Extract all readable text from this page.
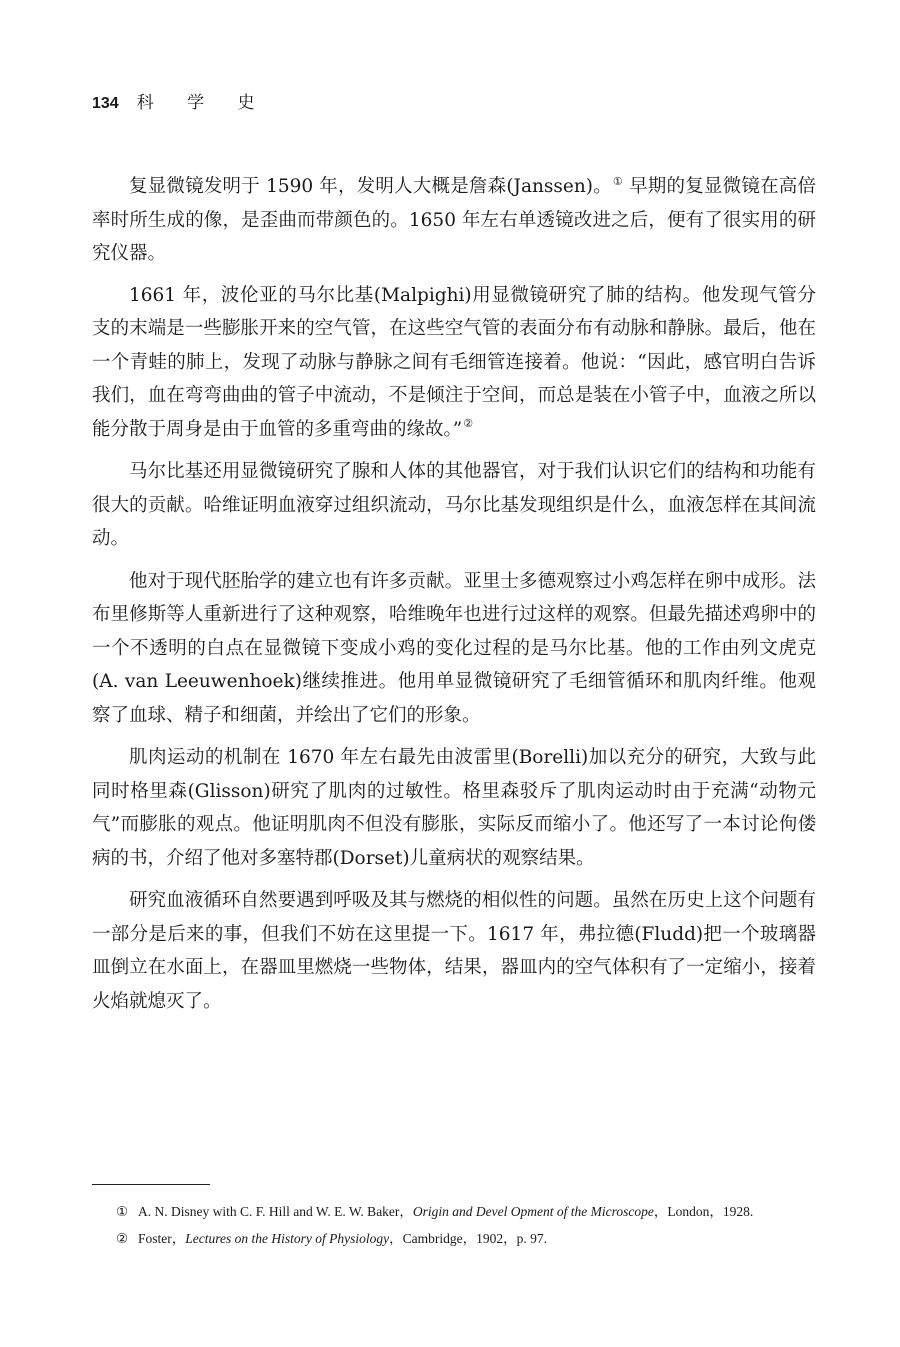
134 科 学 史

复显微镜发明于 1590 年，发明人大概是詹森(Janssen)。① 早期的复显微镜在高倍率时所生成的像，是歪曲而带颜色的。1650 年左右单透镜改进之后，便有了很实用的研究仪器。

1661 年，波伦亚的马尔比基(Malpighi)用显微镜研究了肺的结构。他发现气管分支的末端是一些膨胀开来的空气管，在这些空气管的表面分布有动脉和静脉。最后，他在一个青蛙的肺上，发现了动脉与静脉之间有毛细管连接着。他说：“因此，感官明白告诉我们，血在弯弯曲曲的管子中流动，不是倾注于空间，而总是装在小管子中，血液之所以能分散于周身是由于血管的多重弯曲的缘故。”②

马尔比基还用显微镜研究了腺和人体的其他器官，对于我们认识它们的结构和功能有很大的贡献。哈维证明血液穿过组织流动，马尔比基发现组织是什么，血液怎样在其间流动。

他对于现代胚胎学的建立也有许多贡献。亚里士多德观察过小鸡怎样在卵中成形。法布里修斯等人重新进行了这种观察，哈维晚年也进行过这样的观察。但最先描述鸡卵中的一个不透明的白点在显微镜下变成小鸡的变化过程的是马尔比基。他的工作由列文虎克(A. van Leeuwenhoek)继续推进。他用单显微镜研究了毛细管循环和肌肉纤维。他观察了血球、精子和细菌，并绘出了它们的形象。

肌肉运动的机制在 1670 年左右最先由波雷里(Borelli)加以充分的研究，大致与此同时格里森(Glisson)研究了肌肉的过敏性。格里森驳斥了肌肉运动时由于充满“动物元气”而膨胀的观点。他证明肌肉不但没有膨胀，实际反而缩小了。他还写了一本讨论佝偻病的书，介绍了他对多塞特郡(Dorset)儿童病状的观察结果。

研究血液循环自然要遇到呼吸及其与燃烧的相似性的问题。虽然在历史上这个问题有一部分是后来的事，但我们不妨在这里提一下。1617 年，弗拉德(Fludd)把一个玻璃器皿倒立在水面上，在器皿里燃烧一些物体，结果，器皿内的空气体积有了一定缩小，接着火焰就熄灭了。

① A. N. Disney with C. F. Hill and W. E. W. Baker，Origin and Devel Opment of the Microscope，London，1928.

② Foster，Lectures on the History of Physiology，Cambridge，1902，p. 97.
